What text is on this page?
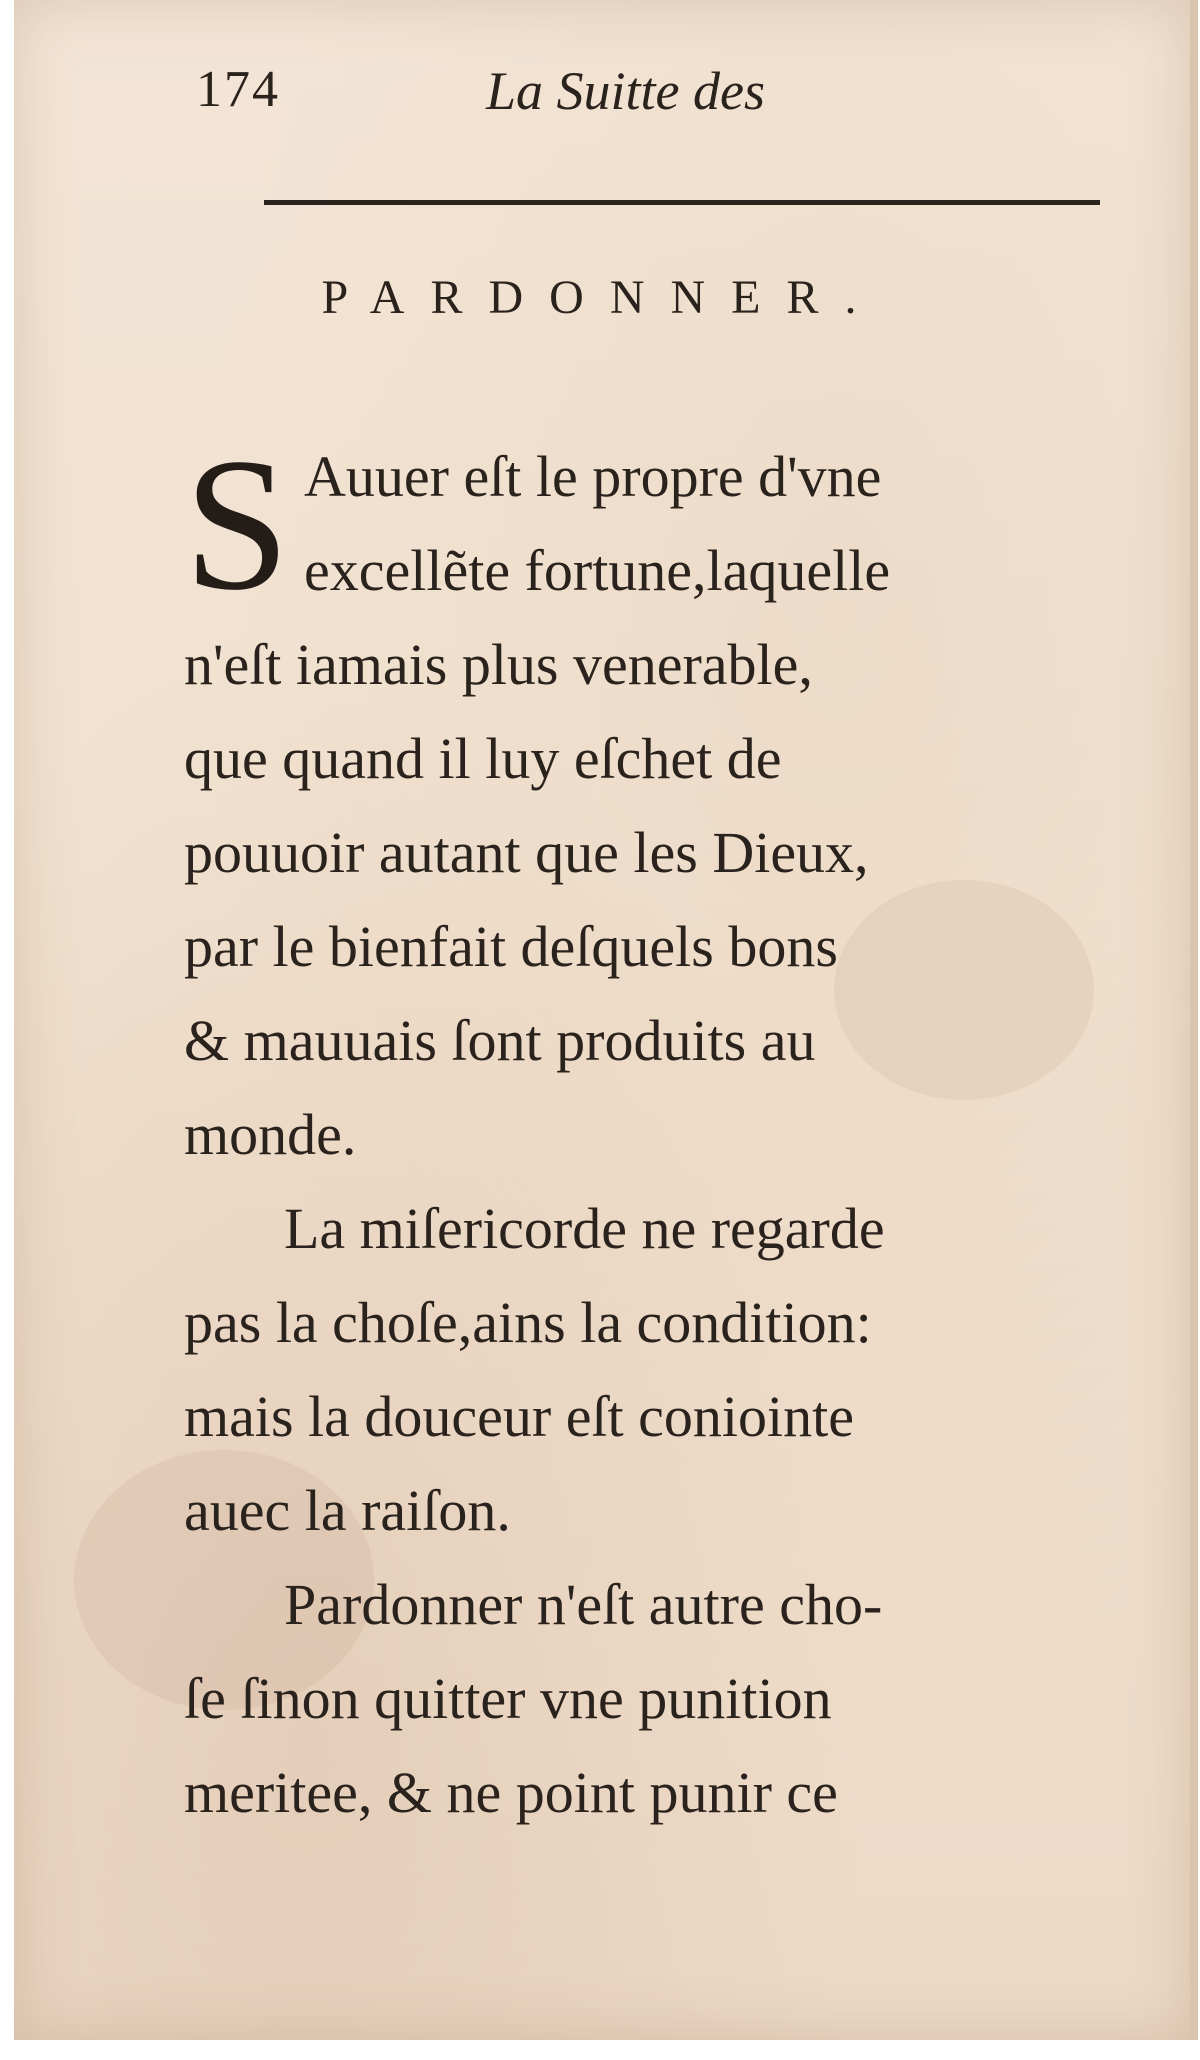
174	La Suitte des
PARDONNER.
S Auuer eſt le propre d'vne
excellẽte fortune,laquelle
n'eſt iamais plus venerable,
que quand il luy eſchet de
pouuoir autant que les Dieux,
par le bienfait deſquels bons
& mauuais ſont produits au
monde.
La miſericorde ne regarde
pas la choſe,ains la condition:
mais la douceur eſt coniointe
auec la raiſon.
Pardonner n'eſt autre cho-
ſe ſinon quitter vne punition
meritee, & ne point punir ce
